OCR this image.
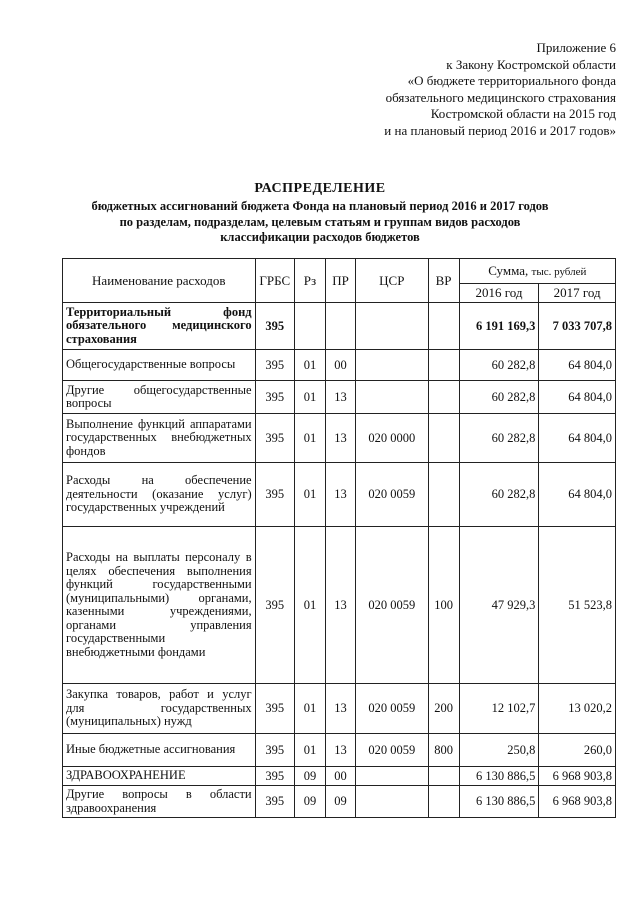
Приложение 6
к Закону Костромской области
«О бюджете территориального фонда
обязательного медицинского страхования
Костромской области на 2015 год
и на плановый период 2016 и 2017 годов»
РАСПРЕДЕЛЕНИЕ
бюджетных ассигнований бюджета Фонда на плановый период 2016 и 2017 годов
по разделам, подразделам, целевым статьям и группам видов расходов
классификации расходов бюджетов
Наименование расходов	ГРБС	Рз	ПР	ЦСР	ВР	Сумма, тыс. рублей	
						2016 год	2017 год
Территориальный фонд обязательного медицинского страхования	395					6 191 169,3	7 033 707,8
Общегосударственные вопросы	395	01	00			60 282,8	64 804,0
Другие общегосударственные вопросы	395	01	13			60 282,8	64 804,0
Выполнение функций аппаратами государственных внебюджетных фондов	395	01	13	020 0000		60 282,8	64 804,0
Расходы на обеспечение деятельности (оказание услуг) государственных учреждений	395	01	13	020 0059		60 282,8	64 804,0
Расходы на выплаты персоналу в целях обеспечения выполнения функций государственными (муниципальными) органами, казенными учреждениями, органами управления государственными внебюджетными фондами	395	01	13	020 0059	100	47 929,3	51 523,8
Закупка товаров, работ и услуг для государственных (муниципальных) нужд	395	01	13	020 0059	200	12 102,7	13 020,2
Иные бюджетные ассигнования	395	01	13	020 0059	800	250,8	260,0
ЗДРАВООХРАНЕНИЕ	395	09	00			6 130 886,5	6 968 903,8
Другие вопросы в области здравоохранения	395	09	09			6 130 886,5	6 968 903,8
